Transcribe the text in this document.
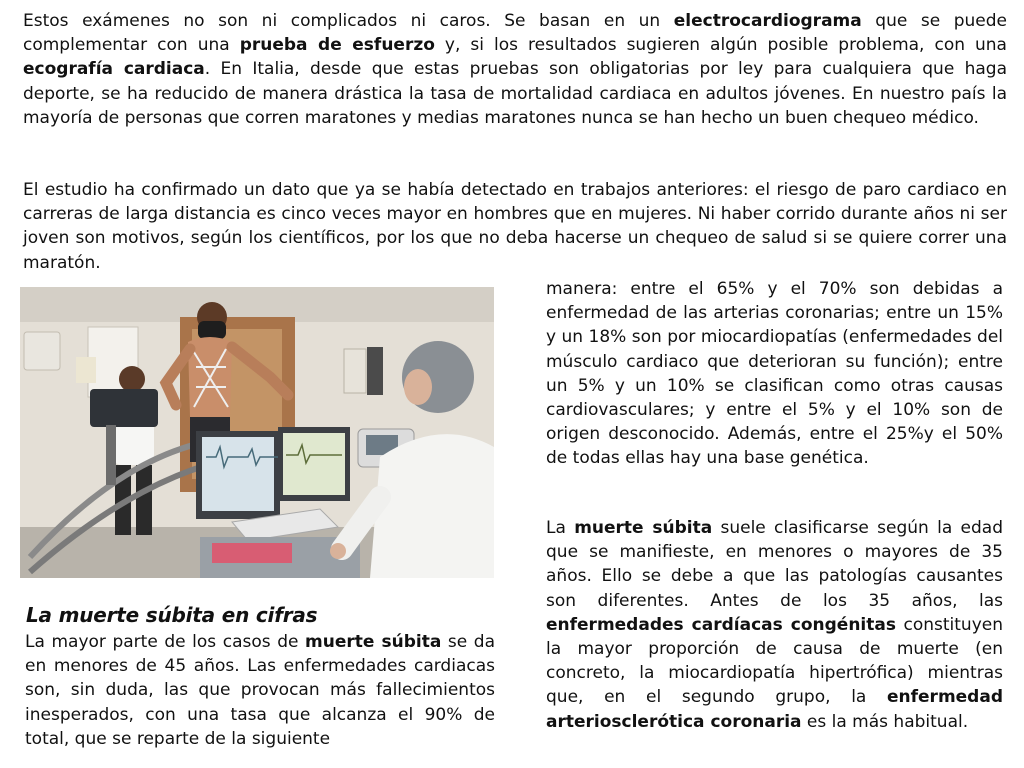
Estos exámenes no son ni complicados ni caros. Se basan en un electrocardiograma que se puede complementar con una prueba de esfuerzo y, si los resultados sugieren algún posible problema, con una ecografía cardiaca. En Italia, desde que estas pruebas son obligatorias por ley para cualquiera que haga deporte, se ha reducido de manera drástica la tasa de mortalidad cardiaca en adultos jóvenes. En nuestro país la mayoría de personas que corren maratones y medias maratones nunca se han hecho un buen chequeo médico.

El estudio ha confirmado un dato que ya se había detectado en trabajos anteriores: el riesgo de paro cardiaco en carreras de larga distancia es cinco veces mayor en hombres que en mujeres. Ni haber corrido durante años ni ser joven son motivos, según los científicos, por los que no deba hacerse un chequeo de salud si se quiere correr una maratón.

La muerte súbita en cifras

La mayor parte de los casos de muerte súbita se da en menores de 45 años. Las enfermedades cardiacas son, sin duda, las que provocan más fallecimientos inesperados, con una tasa que alcanza el 90% de total, que se reparte de la siguiente

manera: entre el 65% y el 70% son debidas a enfermedad de las arterias coronarias; entre un 15% y un 18% son por miocardiopatías (enfermedades del músculo cardiaco que deterioran su función); entre un 5% y un 10% se clasifican como otras causas cardiovasculares; y entre el 5% y el 10% son de origen desconocido. Además, entre el 25%y el 50% de todas ellas hay una base genética.

La muerte súbita suele clasificarse según la edad que se manifieste, en menores o mayores de 35 años. Ello se debe a que las patologías causantes son diferentes. Antes de los 35 años, las enfermedades cardíacas congénitas constituyen la mayor proporción de causa de muerte (en concreto, la miocardiopatía hipertrófica) mientras que, en el segundo grupo, la enfermedad arteriosclerótica coronaria es la más habitual.
